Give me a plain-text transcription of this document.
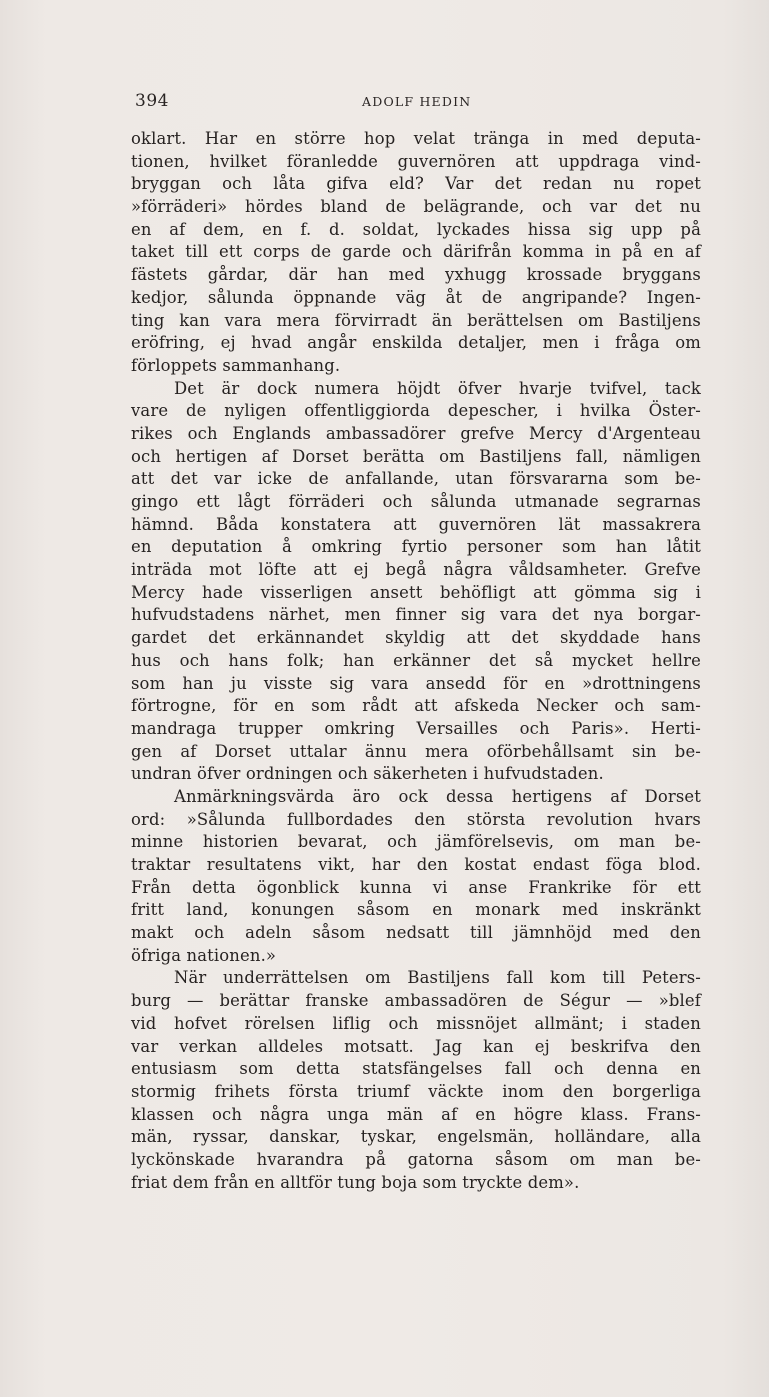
394	ADOLF HEDIN
oklart. Har en större hop velat tränga in med deputa-
tionen, hvilket föranledde guvernören att uppdraga vind-
bryggan och låta gifva eld? Var det redan nu ropet
»förräderi» hördes bland de belägrande, och var det nu
en af dem, en f. d. soldat, lyckades hissa sig upp på
taket till ett corps de garde och därifrån komma in på en af
fästets gårdar, där han med yxhugg krossade bryggans
kedjor, sålunda öppnande väg åt de angripande? Ingen-
ting kan vara mera förvirradt än berättelsen om Bastiljens
eröfring, ej hvad angår enskilda detaljer, men i fråga om
förloppets sammanhang.
Det är dock numera höjdt öfver hvarje tvifvel, tack
vare de nyligen offentliggiorda depescher, i hvilka Öster-
rikes och Englands ambassadörer grefve Mercy d'Argenteau
och hertigen af Dorset berätta om Bastiljens fall, nämligen
att det var icke de anfallande, utan försvararna som be-
gingo ett lågt förräderi och sålunda utmanade segrarnas
hämnd. Båda konstatera att guvernören lät massakrera
en deputation å omkring fyrtio personer som han låtit
inträda mot löfte att ej begå några våldsamheter. Grefve
Mercy hade visserligen ansett behöfligt att gömma sig i
hufvudstadens närhet, men finner sig vara det nya borgar-
gardet det erkännandet skyldig att det skyddade hans
hus och hans folk; han erkänner det så mycket hellre
som han ju visste sig vara ansedd för en »drottningens
förtrogne, för en som rådt att afskeda Necker och sam-
mandraga trupper omkring Versailles och Paris». Herti-
gen af Dorset uttalar ännu mera oförbehållsamt sin be-
undran öfver ordningen och säkerheten i hufvudstaden.
Anmärkningsvärda äro ock dessa hertigens af Dorset
ord: »Sålunda fullbordades den största revolution hvars
minne historien bevarat, och jämförelsevis, om man be-
traktar resultatens vikt, har den kostat endast föga blod.
Från detta ögonblick kunna vi anse Frankrike för ett
fritt land, konungen såsom en monark med inskränkt
makt och adeln såsom nedsatt till jämnhöjd med den
öfriga nationen.»
När underrättelsen om Bastiljens fall kom till Peters-
burg — berättar franske ambassadören de Ségur — »blef
vid hofvet rörelsen liflig och missnöjet allmänt; i staden
var verkan alldeles motsatt. Jag kan ej beskrifva den
entusiasm som detta statsfängelses fall och denna en
stormig frihets första triumf väckte inom den borgerliga
klassen och några unga män af en högre klass. Frans-
män, ryssar, danskar, tyskar, engelsmän, holländare, alla
lyckönskade hvarandra på gatorna såsom om man be-
friat dem från en alltför tung boja som tryckte dem».
